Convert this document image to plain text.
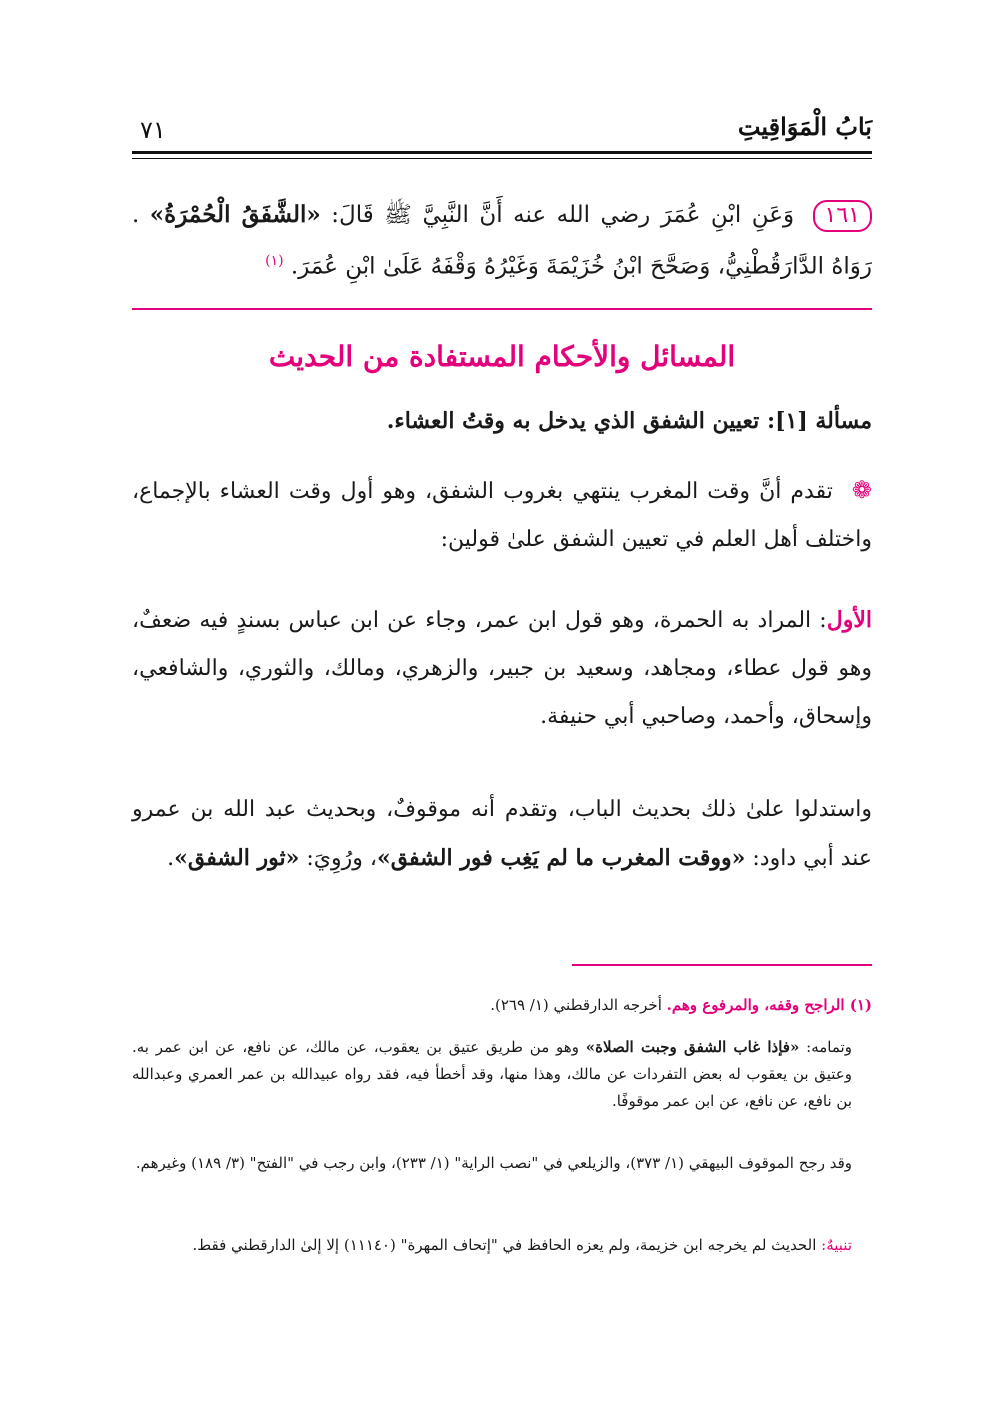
بَابُ الْمَوَاقِيتِ
٧١
١٦١ وَعَنِ ابْنِ عُمَرَ رضي الله عنه أَنَّ النَّبِيَّ ﷺ قَالَ: «الشَّفَقُ الْحُمْرَةُ» . رَوَاهُ الدَّارَقُطْنِيُّ، وَصَحَّحَ ابْنُ خُزَيْمَةَ وَغَيْرُهُ وَقْفَهُ عَلَىٰ ابْنِ عُمَرَ. $^{(١)}$
المسائل والأحكام المستفادة من الحديث
مسألة [١]: تعيين الشفق الذي يدخل به وقتُ العشاء.
❁ تقدم أنَّ وقت المغرب ينتهي بغروب الشفق، وهو أول وقت العشاء بالإجماع، واختلف أهل العلم في تعيين الشفق علىٰ قولين:
الأول: المراد به الحمرة، وهو قول ابن عمر، وجاء عن ابن عباس بسندٍ فيه ضعفٌ، وهو قول عطاء، ومجاهد، وسعيد بن جبير، والزهري، ومالك، والثوري، والشافعي، وإسحاق، وأحمد، وصاحبي أبي حنيفة.
واستدلوا علىٰ ذلك بحديث الباب، وتقدم أنه موقوفٌ، وبحديث عبد الله بن عمرو عند أبي داود: «ووقت المغرب ما لم يَغِب فور الشفق»، ورُوِيَ: «ثور الشفق».
(١) الراجح وقفه، والمرفوع وهم. أخرجه الدارقطني (١/ ٢٦٩).
وتمامه: «فإذا غاب الشفق وجبت الصلاة» وهو من طريق عتيق بن يعقوب، عن مالك، عن نافع، عن ابن عمر به. وعتيق بن يعقوب له بعض التفردات عن مالك، وهذا منها، وقد أخطأ فيه، فقد رواه عبيدالله بن عمر العمري وعبدالله بن نافع، عن نافع، عن ابن عمر موقوفًا.
وقد رجح الموقوف البيهقي (١/ ٣٧٣)، والزيلعي في "نصب الراية" (١/ ٢٣٣)، وابن رجب في "الفتح" (٣/ ١٨٩) وغيرهم.
تنبيهٌ: الحديث لم يخرجه ابن خزيمة، ولم يعزه الحافظ في "إتحاف المهرة" (١١١٤٠) إلا إلىٰ الدارقطني فقط.
